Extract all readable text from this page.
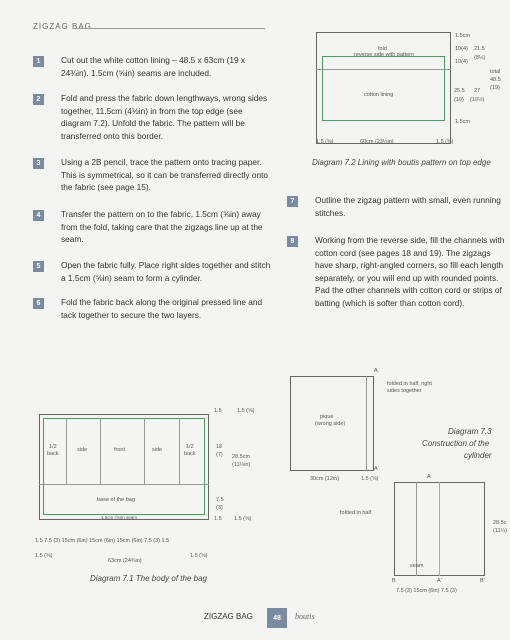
ZIGZAG BAG
1	Cut out the white cotton lining – 48.5 x 63cm (19 x 24¾in). 1.5cm (⅝in) seams are included.
2	Fold and press the fabric down lengthways, wrong sides together, 11.5cm (4½in) in from the top edge (see diagram 7.2). Unfold the fabric. The pattern will be transferred onto this border.
3	Using a 2B pencil, trace the pattern onto tracing paper. This is symmetrical, so it can be transferred directly onto the fabric (see page 15).
4	Transfer the pattern on to the fabric, 1.5cm (⅝in) away from the fold, taking care that the zigzags line up at the seam.
5	Open the fabric fully. Place right sides together and stitch a 1.5cm (⅝in) seam to form a cylinder.
6	Fold the fabric back along the original pressed line and tack together to secure the two layers.
7	Outline the zigzag pattern with small, even running stitches.
8	Working from the reverse side, fill the channels with cotton cord (see pages 18 and 19). The zigzags have sharp, right-angled corners, so fill each length separately, or you will end up with rounded points. Pad the other channels with cotton cord or strips of batting (which is softer than cotton cord).
fold
reverse side with pattern
cotton lining
1.5cm
10(4) 21.5
10(4)
(8½)
total
48.5
(19)
25.5 27
(10) (10½)
1.5cm
1.5 (⅝)	60cm (23½in)	1.5 (⅝)
Diagram 7.2 Lining with boutis pattern on top edge
1/2
back
side	front	side	1/2
back
base of the bag
1.5cm (⅝in) seam
1.5	1.5 (⅝)
18
(7) 28.5cm
(11¼in)
7.5
(3)
1.5 1.5 (⅝)
1.5 7.5 (3) 15cm (6in) 15cm (6in) 15cm (6in) 7.5 (3) 1.5
1.5 (⅝)	1.5 (⅝)
63cm (24¾in)
Diagram 7.1 The body of the bag
pique
(wrong side)
A
A'
folded in half, right
sides together
30cm (12in)	1.5 (⅝)
Diagram 7.3
Construction of the
cylinder
A
folded in half
seam
B	A'	B'
28.5c
(11¼)
7.5 (3) 15cm (6in) 7.5 (3)
ZIGZAG BAG	48	boutis
